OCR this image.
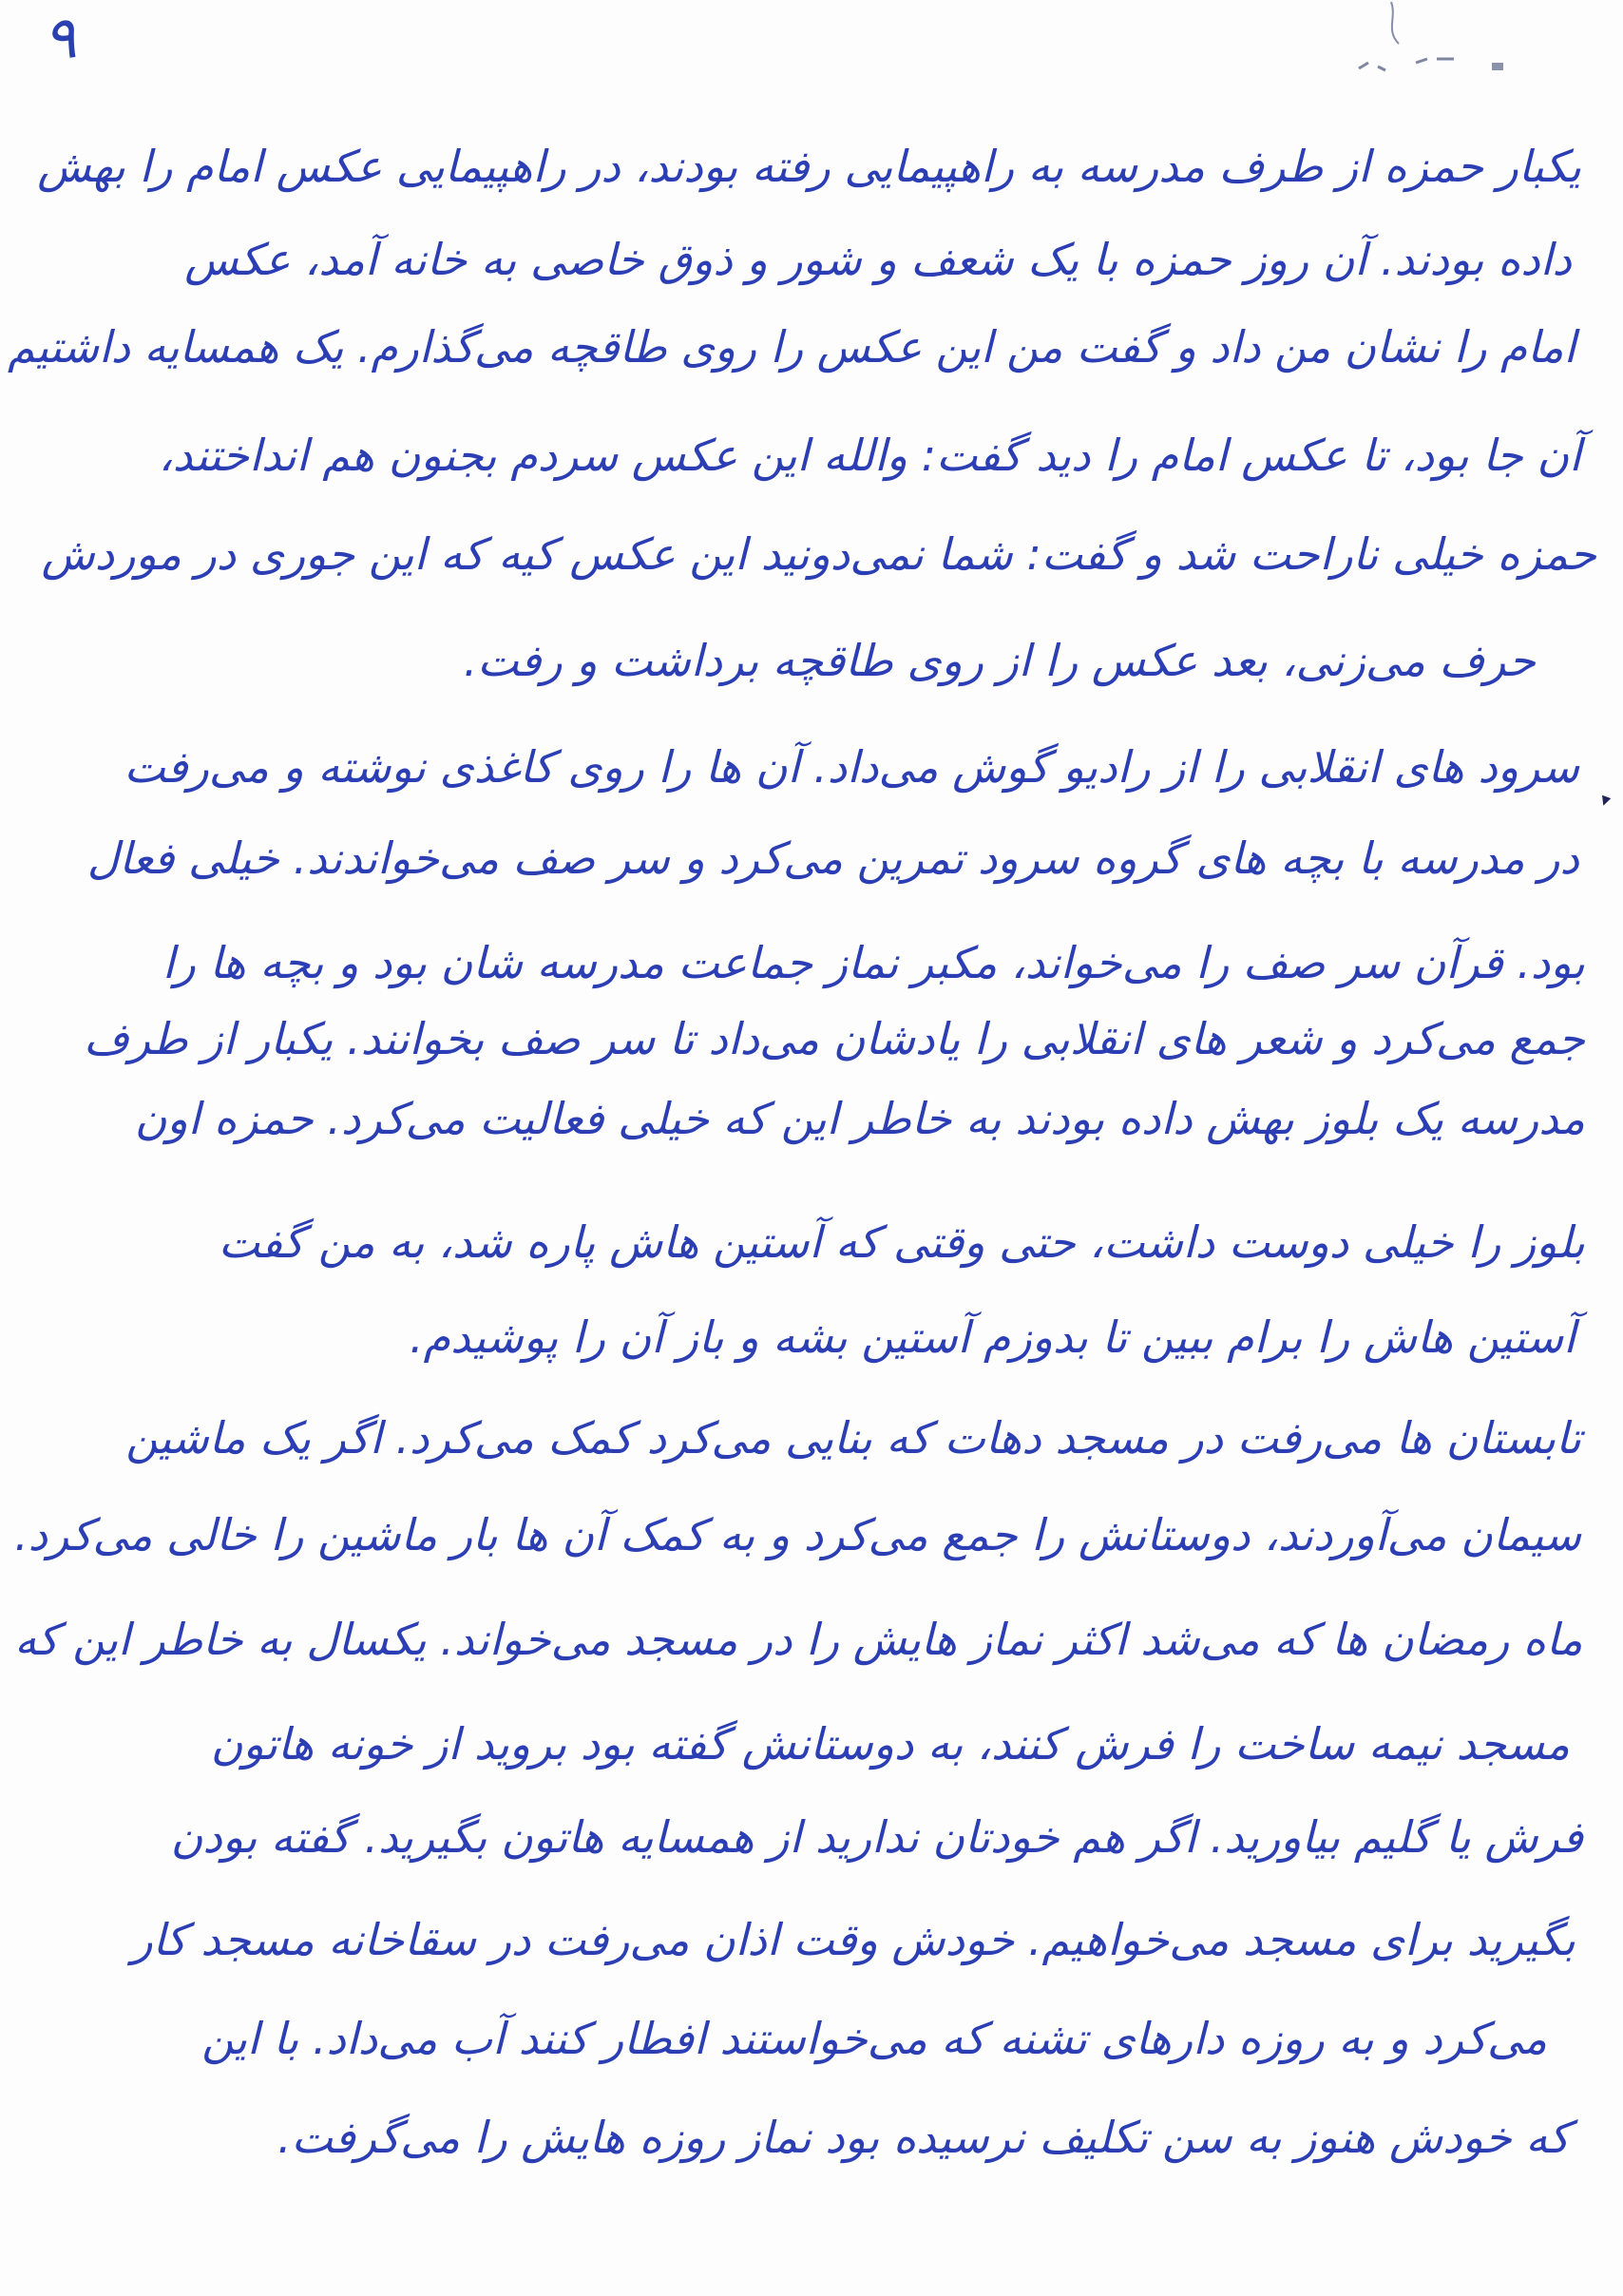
۹
یکبار حمزه از طرف مدرسه به راهپیمایی رفته بودند، در راهپیمایی عکس امام را بهش
داده بودند. آن روز حمزه با یک شعف و شور و ذوق خاصی به خانه آمد، عکس
امام را نشان من داد و گفت من این عکس را روی طاقچه می‌گذارم. یک همسایه داشتیم
آن جا بود، تا عکس امام را دید گفت: والله این عکس سردم بجنون هم انداختند،
حمزه خیلی ناراحت شد و گفت: شما نمی‌دونید این عکس کیه که این جوری در موردش
حرف می‌زنی، بعد عکس را از روی طاقچه برداشت و رفت.
سرود های انقلابی را از رادیو گوش می‌داد. آن ها را روی کاغذی نوشته و می‌رفت
در مدرسه با بچه های گروه سرود تمرین می‌کرد و سر صف می‌خواندند. خیلی فعال
بود. قرآن سر صف را می‌خواند، مکبر نماز جماعت مدرسه شان بود و بچه ها را
جمع می‌کرد و شعر های انقلابی را یادشان می‌داد تا سر صف بخوانند. یکبار از طرف
مدرسه یک بلوز بهش داده بودند به خاطر این که خیلی فعالیت می‌کرد. حمزه اون
بلوز را خیلی دوست داشت، حتی وقتی که آستین هاش پاره شد، به من گفت
آستین هاش را برام ببین تا بدوزم آستین بشه و باز آن را پوشیدم.
تابستان ها می‌رفت در مسجد دهات که بنایی می‌کرد کمک می‌کرد. اگر یک ماشین
سیمان می‌آوردند، دوستانش را جمع می‌کرد و به کمک آن ها بار ماشین را خالی می‌کرد.
ماه رمضان ها که می‌شد اکثر نماز هایش را در مسجد می‌خواند. یکسال به خاطر این که
مسجد نیمه ساخت را فرش کنند، به دوستانش گفته بود بروید از خونه هاتون
فرش یا گلیم بیاورید. اگر هم خودتان ندارید از همسایه هاتون بگیرید. گفته بودن
بگیرید برای مسجد می‌خواهیم. خودش وقت اذان می‌رفت در سقاخانه مسجد کار
می‌کرد و به روزه دارهای تشنه که می‌خواستند افطار کنند آب می‌داد. با این
که خودش هنوز به سن تکلیف نرسیده بود نماز روزه هایش را می‌گرفت.
